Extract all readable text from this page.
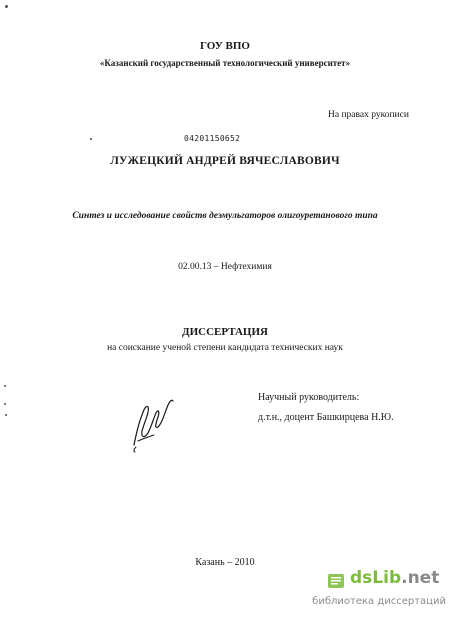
ГОУ ВПО
«Казанский государственный технологический университет»
На правах рукописи
04201150652
ЛУЖЕЦКИЙ АНДРЕЙ ВЯЧЕСЛАВОВИЧ
Синтез и исследование свойств деэмульгаторов олигоуретанового типа
02.00.13 – Нефтехимия
ДИССЕРТАЦИЯ
на соискание ученой степени кандидата технических наук
Научный руководитель:
д.т.н., доцент Башкирцева Н.Ю.
Казань – 2010
dsLib.net
библиотека диссертаций
